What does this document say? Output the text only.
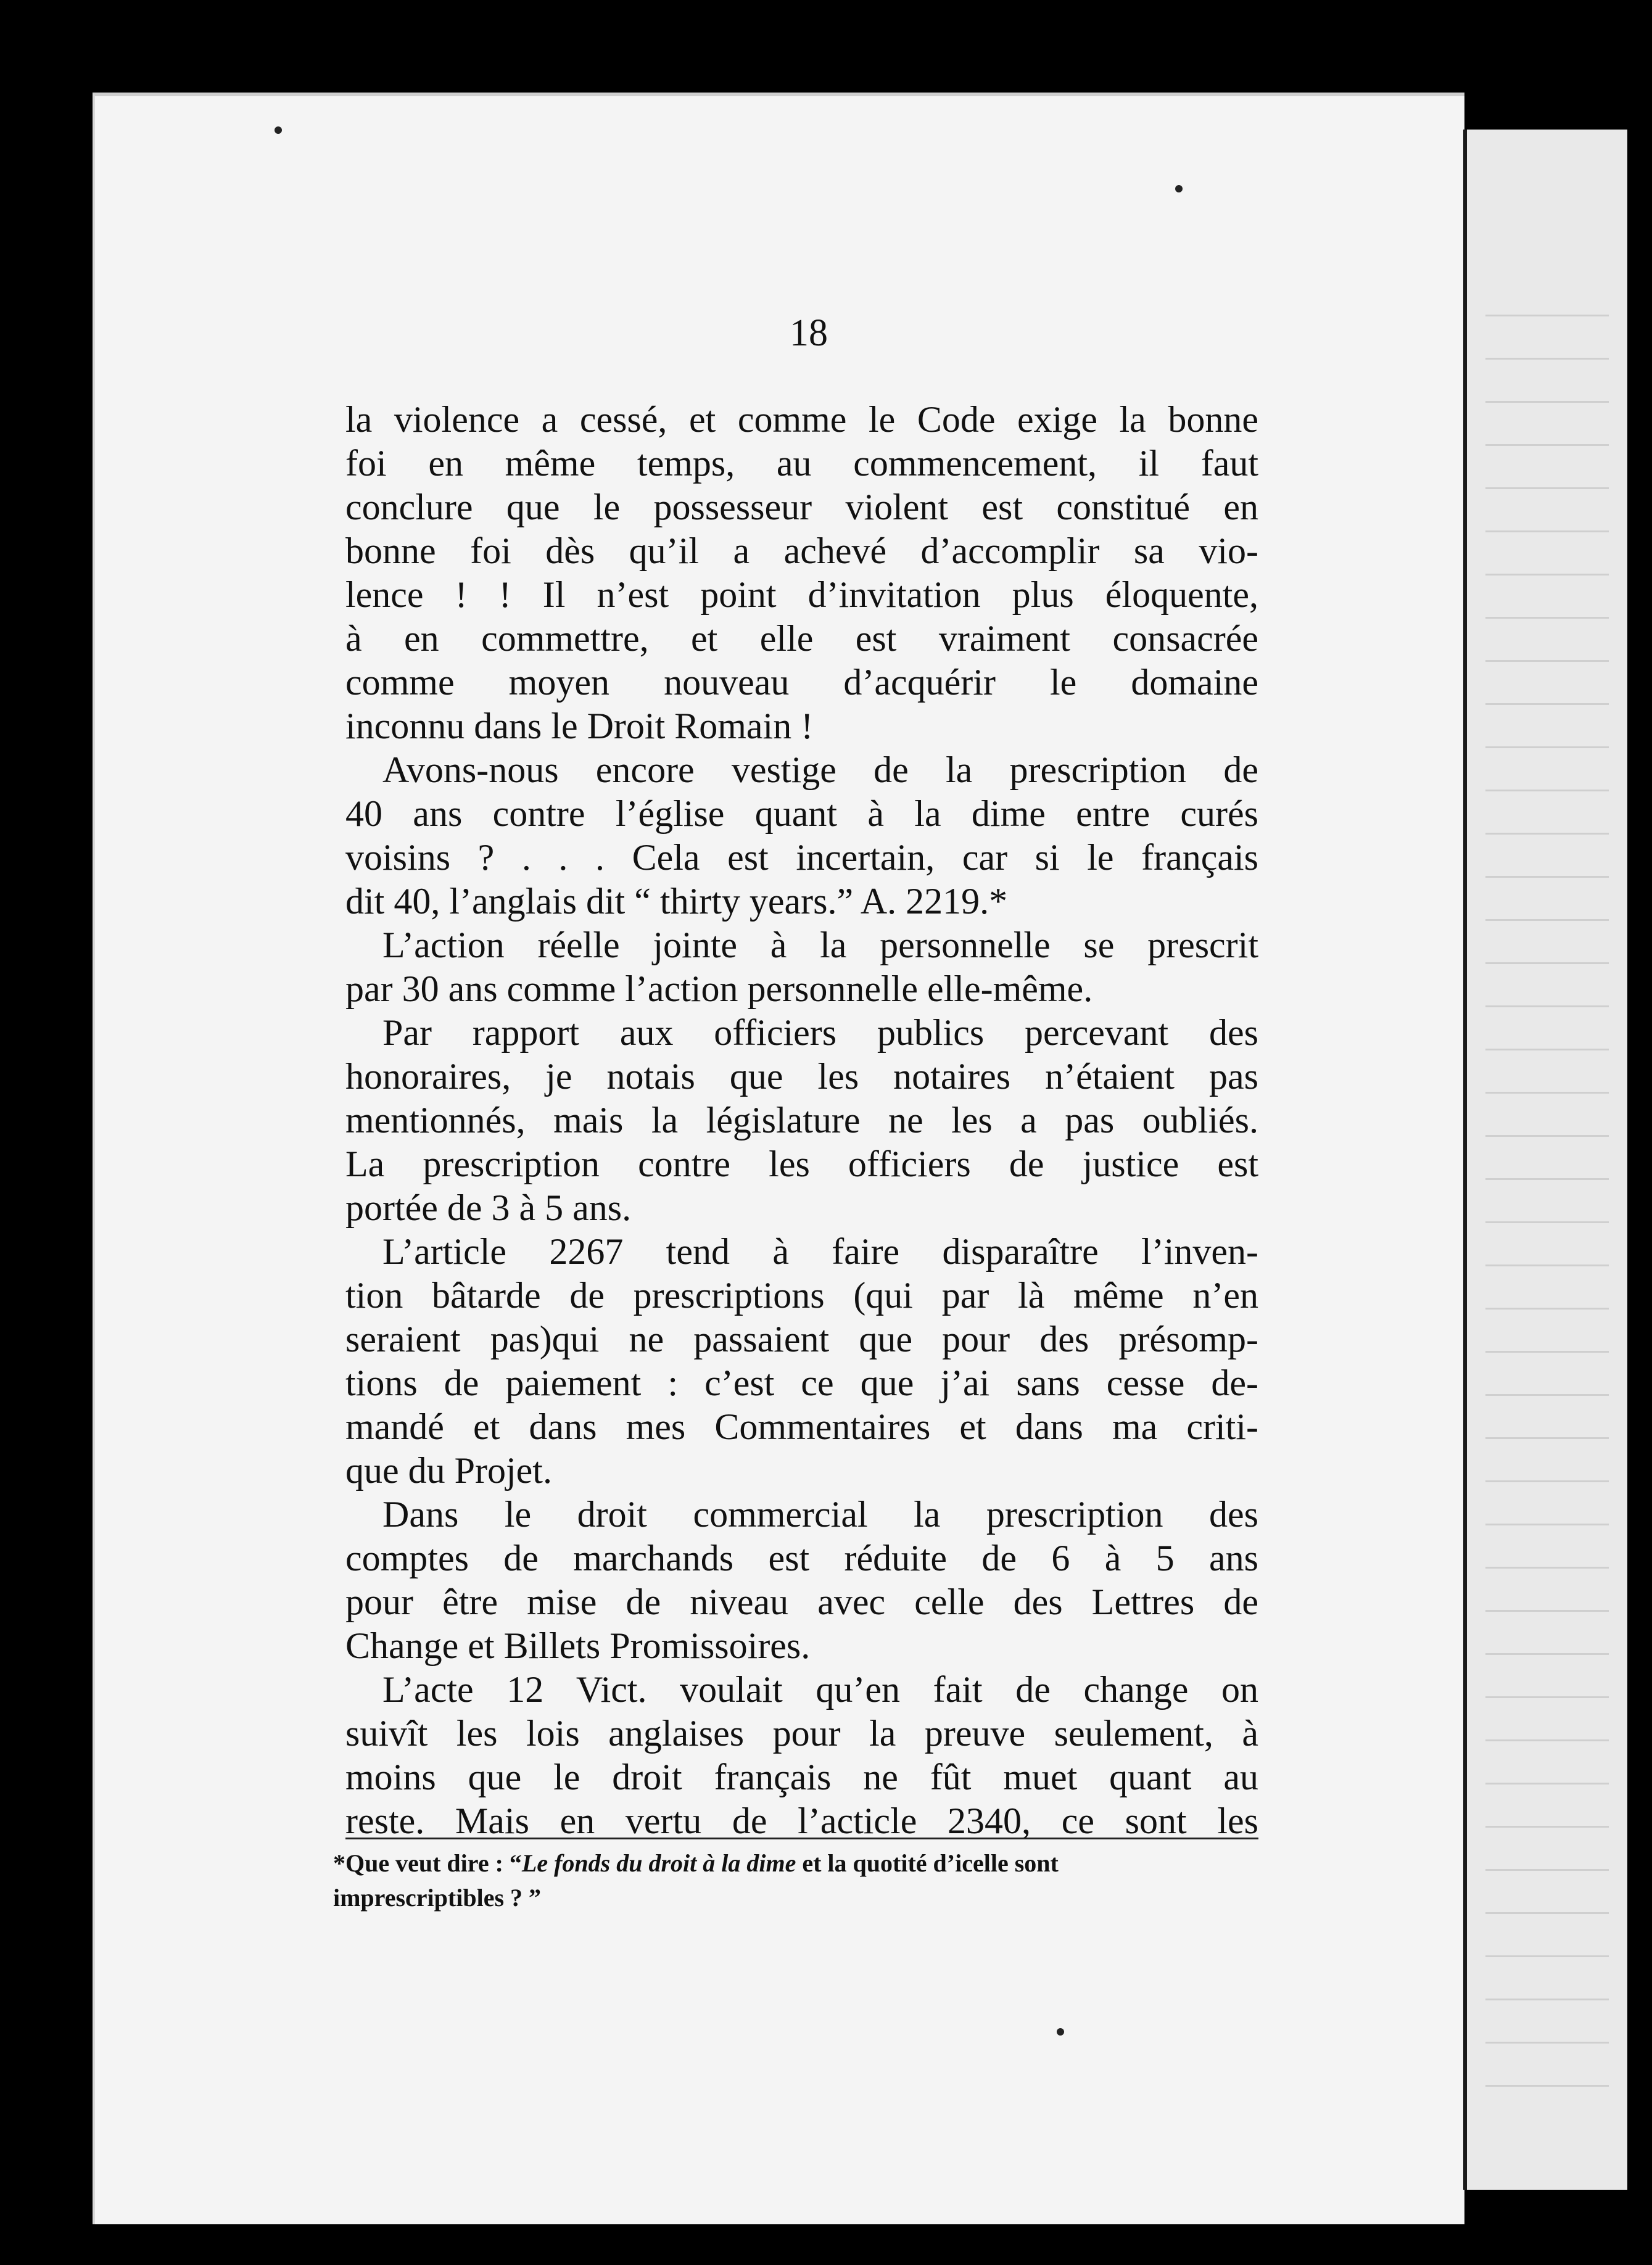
18
la violence a cessé, et comme le Code exige la bonne
foi en même temps, au commencement, il faut
conclure que le possesseur violent est constitué en
bonne foi dès qu’il a achevé d’accomplir sa vio-
lence ! ! Il n’est point d’invitation plus éloquente,
à en commettre, et elle est vraiment consacrée
comme moyen nouveau d’acquérir le domaine
inconnu dans le Droit Romain !
 Avons-nous encore vestige de la prescription de
40 ans contre l’église quant à la dime entre curés
voisins ? . . . Cela est incertain, car si le français
dit 40, l’anglais dit “ thirty years.” A. 2219.*
 L’action réelle jointe à la personnelle se prescrit
par 30 ans comme l’action personnelle elle-même.
 Par rapport aux officiers publics percevant des
honoraires, je notais que les notaires n’étaient pas
mentionnés, mais la législature ne les a pas oubliés.
La prescription contre les officiers de justice est
portée de 3 à 5 ans.
 L’article 2267 tend à faire disparaître l’inven-
tion bâtarde de prescriptions (qui par là même n’en
seraient pas)qui ne passaient que pour des présomp-
tions de paiement : c’est ce que j’ai sans cesse de-
mandé et dans mes Commentaires et dans ma criti-
que du Projet.
 Dans le droit commercial la prescription des
comptes de marchands est réduite de 6 à 5 ans
pour être mise de niveau avec celle des Lettres de
Change et Billets Promissoires.
 L’acte 12 Vict. voulait qu’en fait de change on
suivît les lois anglaises pour la preuve seulement, à
moins que le droit français ne fût muet quant au
reste. Mais en vertu de l’acticle 2340, ce sont les
*Que veut dire : “Le fonds du droit à la dime et la quotité d’icelle sont
imprescriptibles ? ”
